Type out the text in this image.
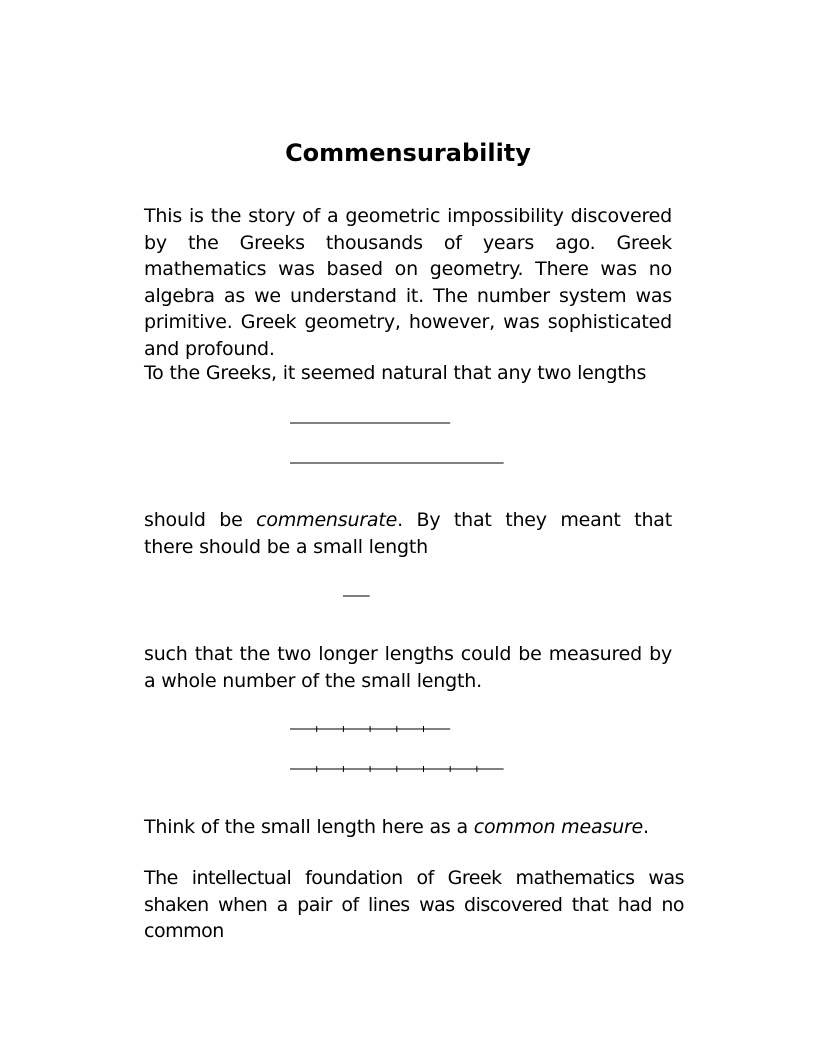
Commensurability

This is the story of a geometric impossibility discovered by the Greeks thousands of years ago. Greek mathematics was based on geometry. There was no algebra as we understand it. The number system was primitive. Greek geometry, however, was sophisticated and profound.

To the Greeks, it seemed natural that any two lengths

should be commensurate. By that they meant that there should be a small length

such that the two longer lengths could be measured by a whole number of the small length.

Think of the small length here as a common measure.

The intellectual foundation of Greek mathematics was shaken when a pair of lines was discovered that had no common
